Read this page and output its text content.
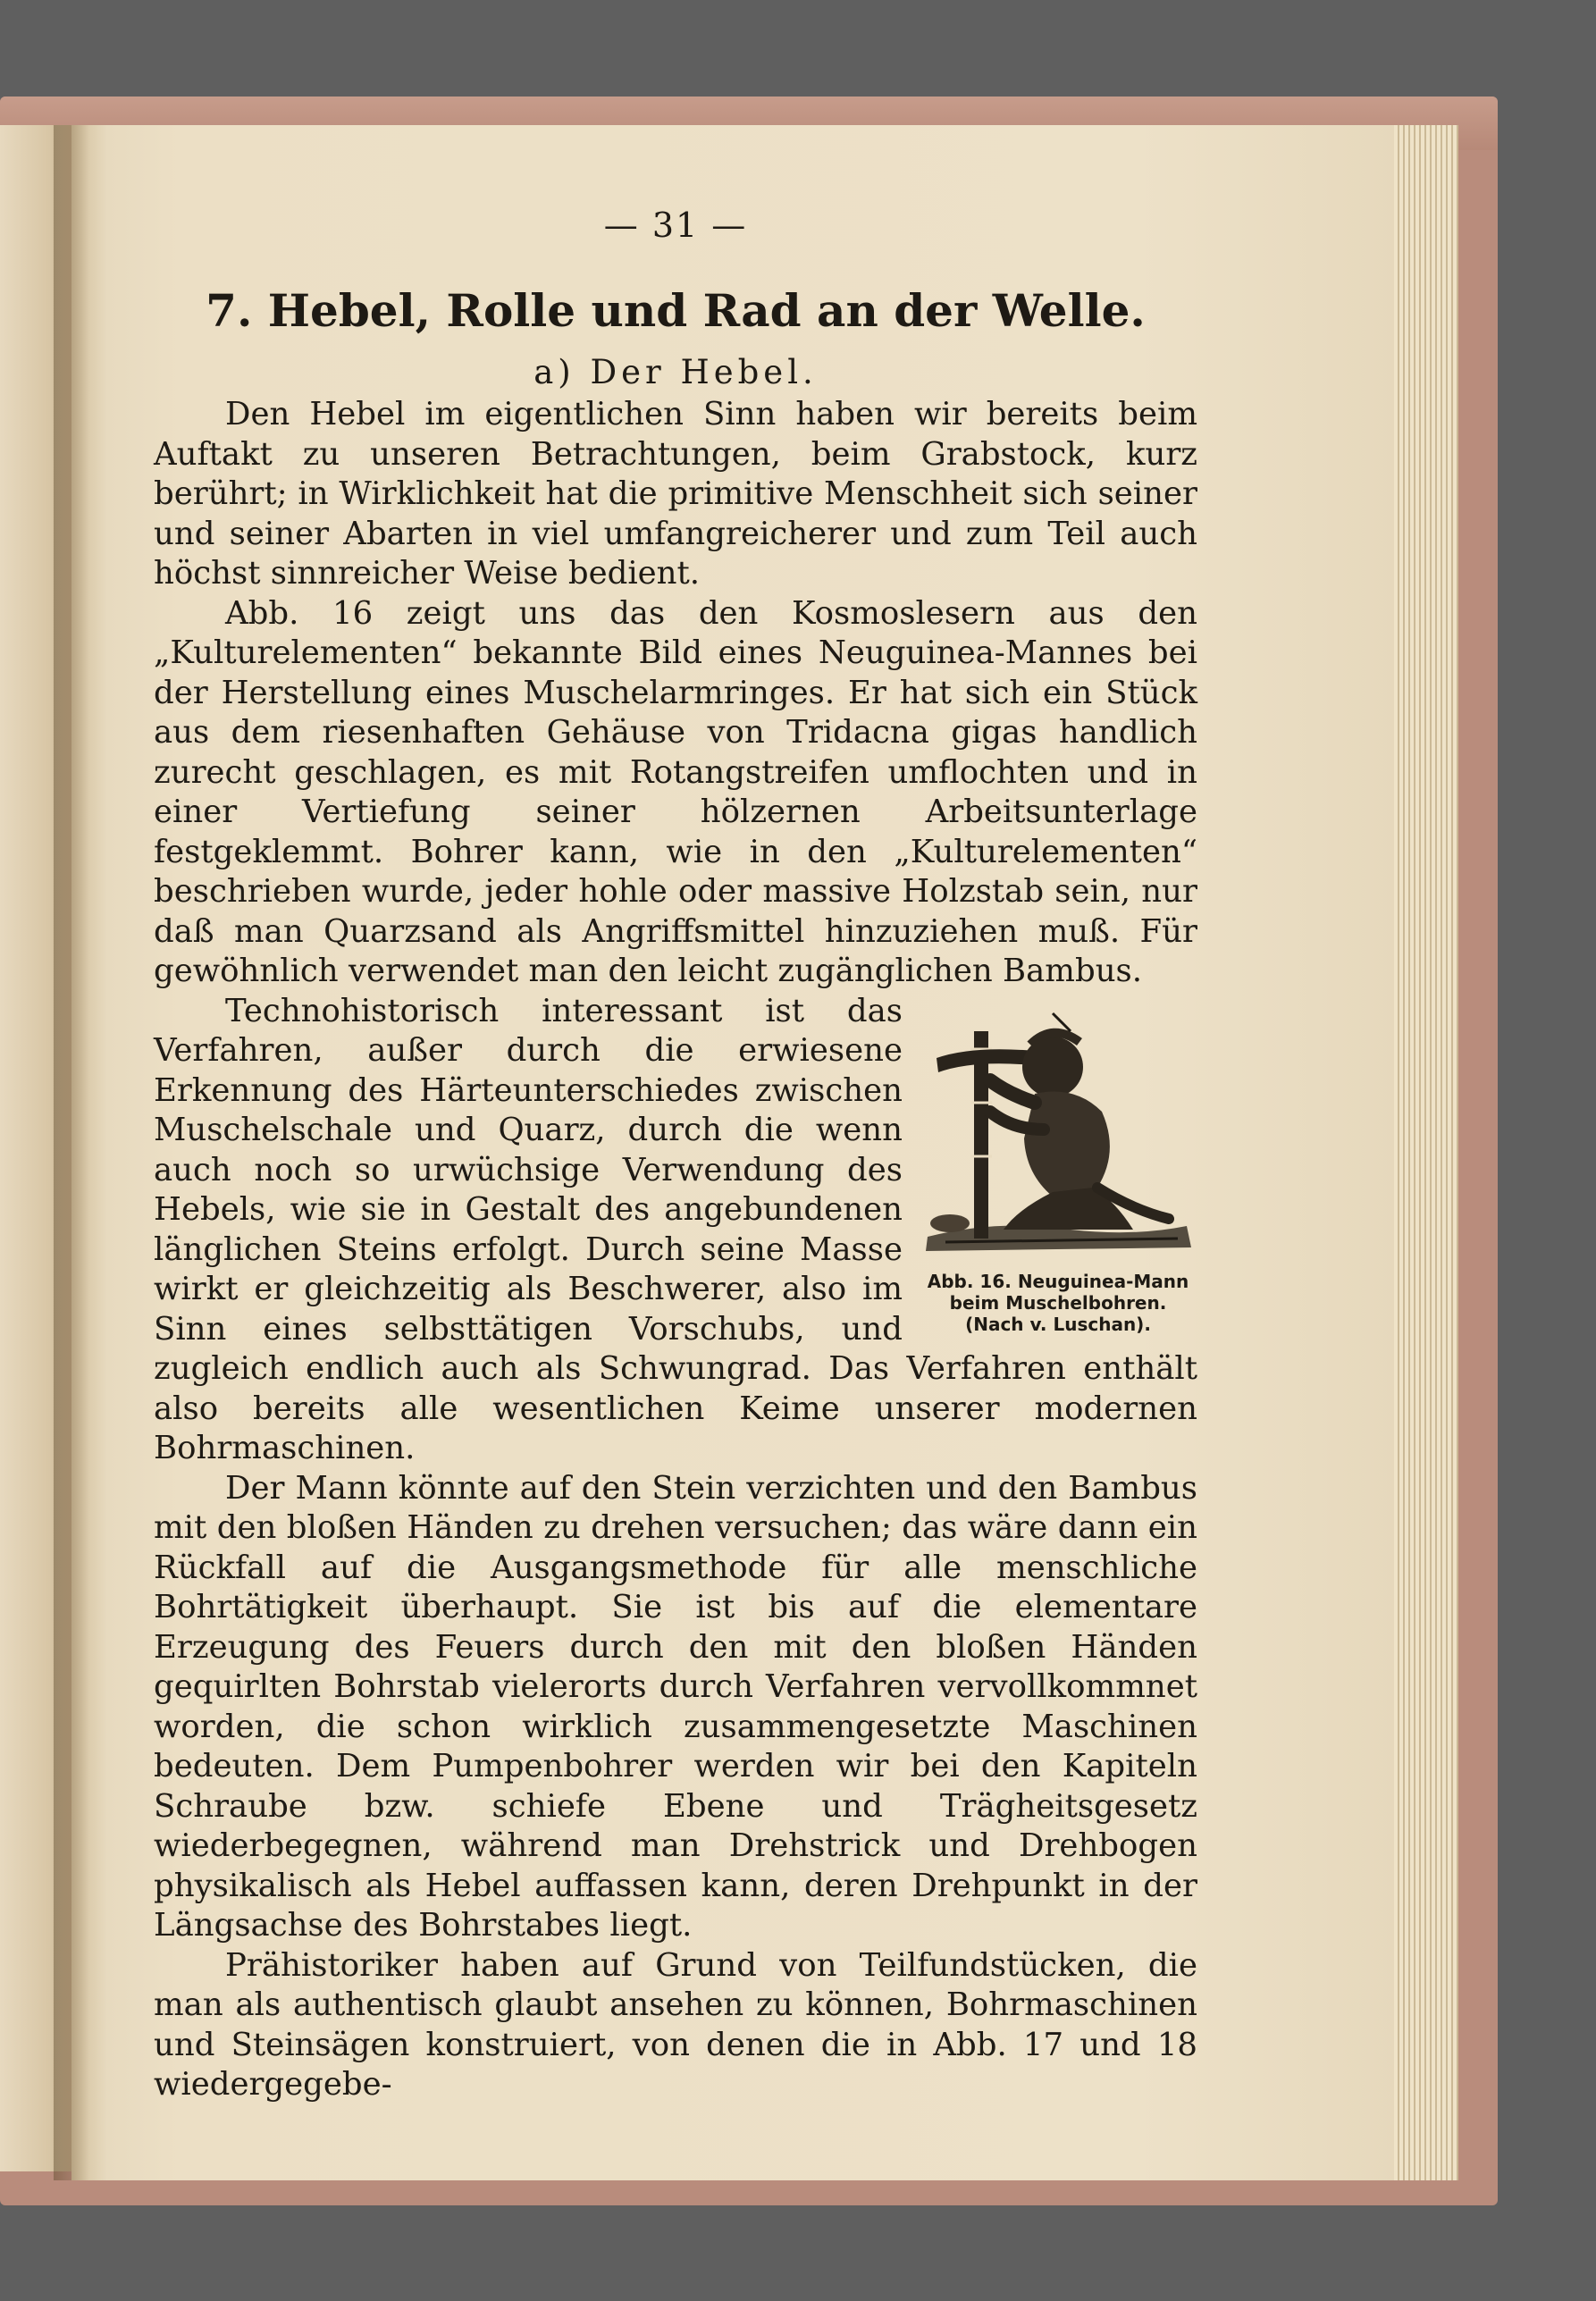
— 31 —
7. Hebel, Rolle und Rad an der Welle.
a) Der Hebel.

Den Hebel im eigentlichen Sinn haben wir bereits beim Auftakt zu unseren Betrachtungen, beim Grabstock, kurz berührt; in Wirklichkeit hat die primitive Menschheit sich seiner und seiner Abarten in viel umfangreicherer und zum Teil auch höchst sinnreicher Weise bedient.

Abb. 16 zeigt uns das den Kosmoslesern aus den „Kulturelementen“ bekannte Bild eines Neuguinea-Mannes bei der Herstellung eines Muschelarmringes. Er hat sich ein Stück aus dem riesenhaften Gehäuse von Tridacna gigas handlich zurecht geschlagen, es mit Rotangstreifen umflochten und in einer Vertiefung seiner hölzernen Arbeitsunterlage festgeklemmt. Bohrer kann, wie in den „Kulturelementen“ beschrieben wurde, jeder hohle oder massive Holzstab sein, nur daß man Quarzsand als Angriffsmittel hinzuziehen muß. Für gewöhnlich verwendet man den leicht zugänglichen Bambus.

Abb. 16. Neuguinea-Mann beim Muschelbohren. (Nach v. Luschan).

Technohistorisch interessant ist das Verfahren, außer durch die erwiesene Erkennung des Härteunterschiedes zwischen Muschelschale und Quarz, durch die wenn auch noch so urwüchsige Verwendung des Hebels, wie sie in Gestalt des angebundenen länglichen Steins erfolgt. Durch seine Masse wirkt er gleichzeitig als Beschwerer, also im Sinn eines selbsttätigen Vorschubs, und zugleich endlich auch als Schwungrad. Das Verfahren enthält also bereits alle wesentlichen Keime unserer modernen Bohrmaschinen.

Der Mann könnte auf den Stein verzichten und den Bambus mit den bloßen Händen zu drehen versuchen; das wäre dann ein Rückfall auf die Ausgangsmethode für alle menschliche Bohrtätigkeit überhaupt. Sie ist bis auf die elementare Erzeugung des Feuers durch den mit den bloßen Händen gequirlten Bohrstab vielerorts durch Verfahren vervollkommnet worden, die schon wirklich zusammengesetzte Maschinen bedeuten. Dem Pumpenbohrer werden wir bei den Kapiteln Schraube bzw. schiefe Ebene und Trägheitsgesetz wiederbegegnen, während man Drehstrick und Drehbogen physikalisch als Hebel auffassen kann, deren Drehpunkt in der Längsachse des Bohrstabes liegt.

Prähistoriker haben auf Grund von Teilfundstücken, die man als authentisch glaubt ansehen zu können, Bohrmaschinen und Steinsägen konstruiert, von denen die in Abb. 17 und 18 wiedergegebe-
